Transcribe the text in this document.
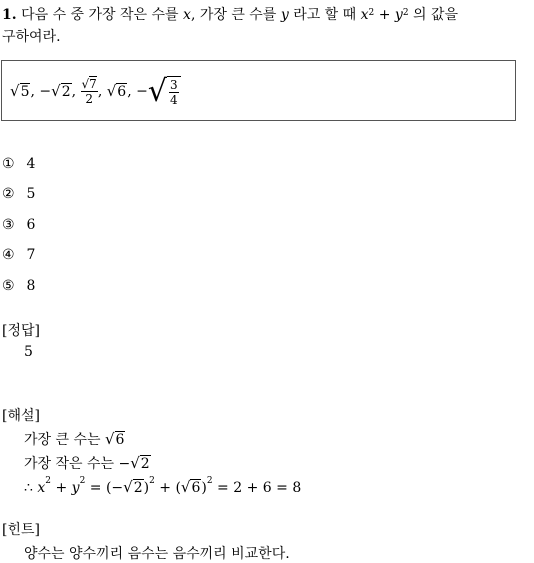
1. 다음 수 중 가장 작은 수를 x, 가장 큰 수를 y 라고 할 때 $x^2 + y^2$ 의 값을
구하여라.
√5, −√2, $\frac{√7}{2}$ , √6, −√ $\frac{3}{4}$
① 4
② 5
③ 6
④ 7
⑤ 8
[정답]
5
[해설]
가장 큰 수는 √6
가장 작은 수는 −√2
∴ $x^2 + y^2 = (-√2)^2 + (√6)^2 = 2 + 6 = 8$
[힌트]
양수는 양수끼리 음수는 음수끼리 비교한다.
